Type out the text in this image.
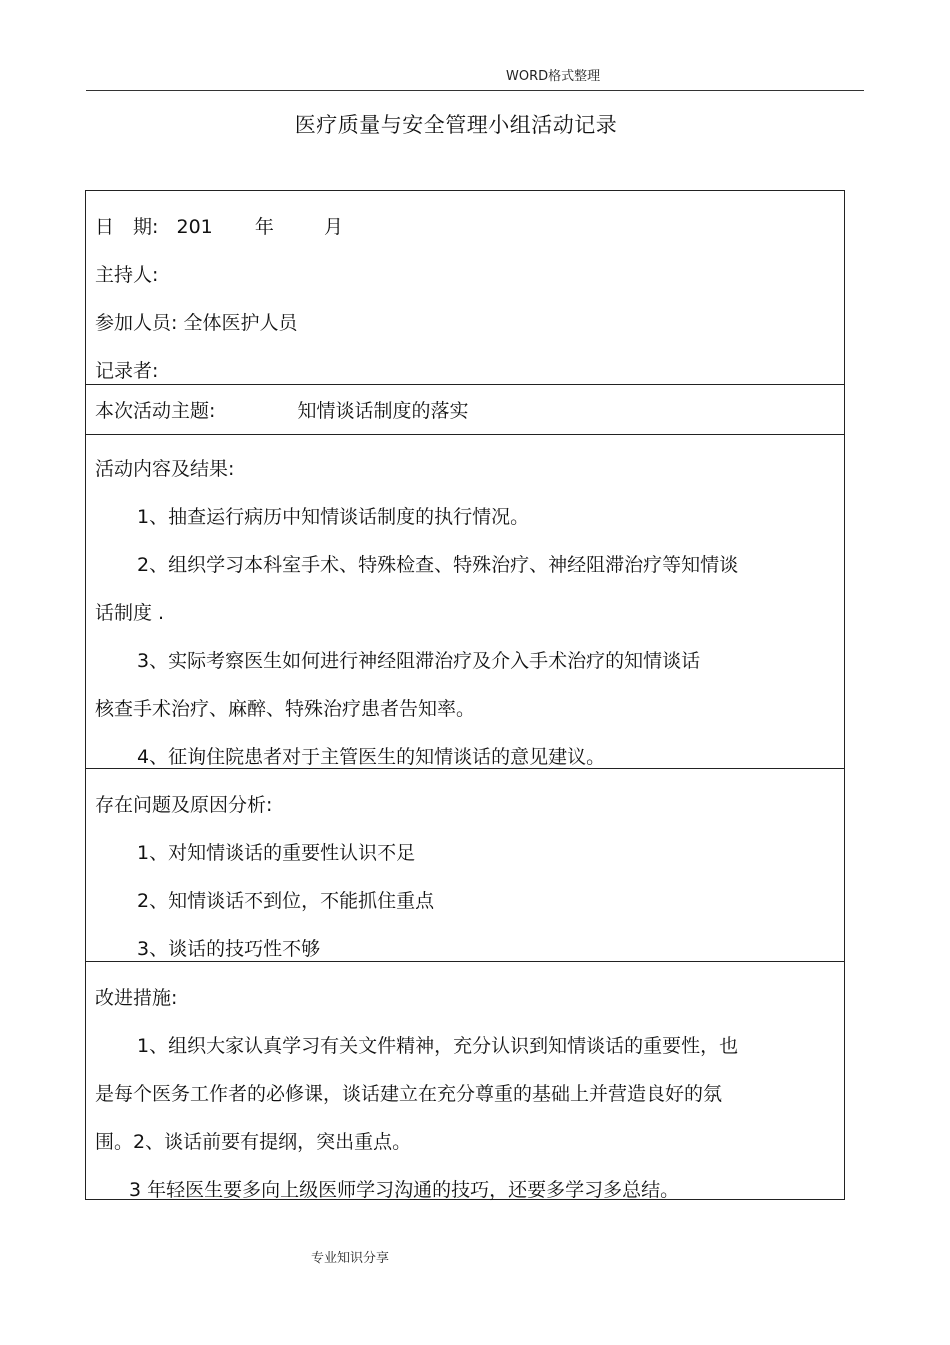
WORD格式整理
医疗质量与安全管理小组活动记录
日　期: 201 年	月
主持人:
参加人员: 全体医护人员
记录者:
本次活动主题:	知情谈话制度的落实
活动内容及结果:
1、抽查运行病历中知情谈话制度的执行情况。
2、组织学习本科室手术、特殊检查、特殊治疗、神经阻滞治疗等知情谈
话制度 .
3、实际考察医生如何进行神经阻滞治疗及介入手术治疗的知情谈话
核查手术治疗、麻醉、特殊治疗患者告知率。
4、征询住院患者对于主管医生的知情谈话的意见建议。
存在问题及原因分析:
1、对知情谈话的重要性认识不足
2、知情谈话不到位，不能抓住重点
3、谈话的技巧性不够
改进措施:
1、组织大家认真学习有关文件精神，充分认识到知情谈话的重要性，也
是每个医务工作者的必修课，谈话建立在充分尊重的基础上并营造良好的氛
围。2、谈话前要有提纲，突出重点。
3 年轻医生要多向上级医师学习沟通的技巧，还要多学习多总结。
专业知识分享
